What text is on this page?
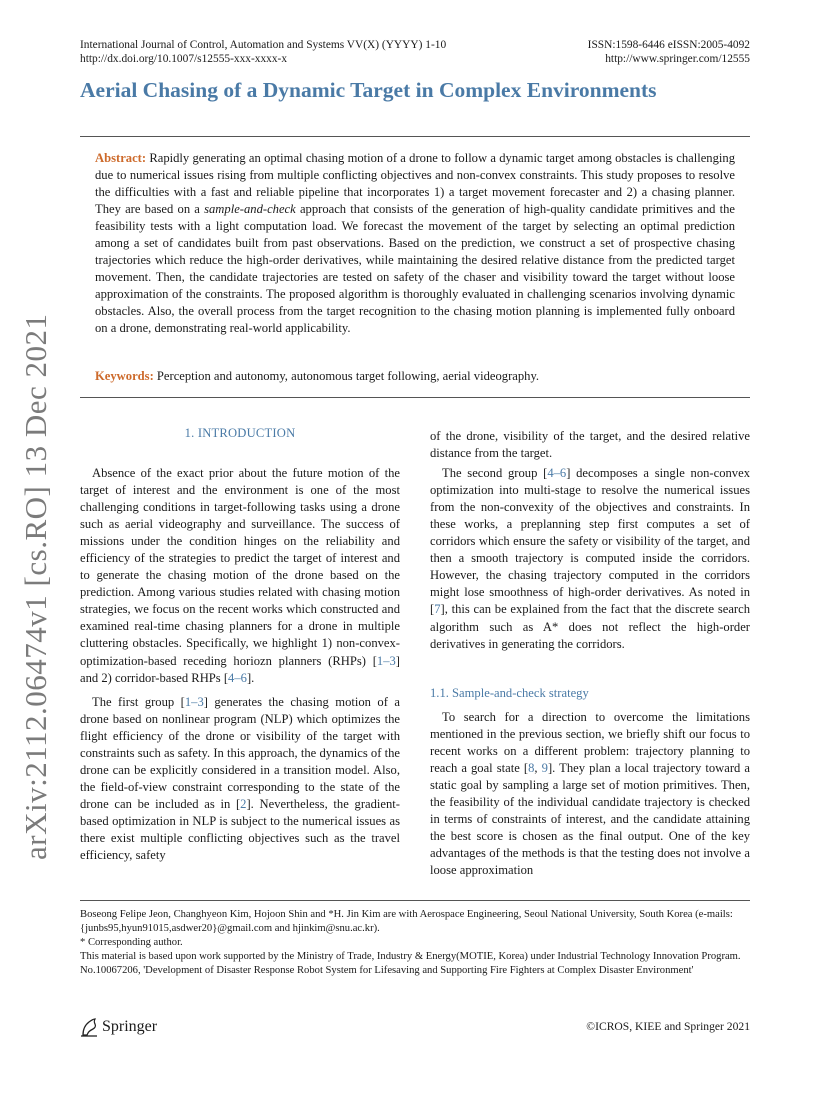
International Journal of Control, Automation and Systems VV(X) (YYYY) 1-10
http://dx.doi.org/10.1007/s12555-xxx-xxxx-x
ISSN:1598-6446 eISSN:2005-4092
http://www.springer.com/12555
Aerial Chasing of a Dynamic Target in Complex Environments
Abstract: Rapidly generating an optimal chasing motion of a drone to follow a dynamic target among obstacles is challenging due to numerical issues rising from multiple conflicting objectives and non-convex constraints. This study proposes to resolve the difficulties with a fast and reliable pipeline that incorporates 1) a target movement forecaster and 2) a chasing planner. They are based on a sample-and-check approach that consists of the generation of high-quality candidate primitives and the feasibility tests with a light computation load. We forecast the movement of the target by selecting an optimal prediction among a set of candidates built from past observations. Based on the prediction, we construct a set of prospective chasing trajectories which reduce the high-order derivatives, while maintaining the desired relative distance from the predicted target movement. Then, the candidate trajectories are tested on safety of the chaser and visibility toward the target without loose approximation of the constraints. The proposed algorithm is thoroughly evaluated in challenging scenarios involving dynamic obstacles. Also, the overall process from the target recognition to the chasing motion planning is implemented fully onboard on a drone, demonstrating real-world applicability.
Keywords: Perception and autonomy, autonomous target following, aerial videography.
arXiv:2112.06474v1 [cs.RO] 13 Dec 2021	1. INTRODUCTION

Absence of the exact prior about the future motion of the target of interest and the environment is one of the most challenging conditions in target-following tasks using a drone such as aerial videography and surveillance. The success of missions under the condition hinges on the reliability and efficiency of the strategies to predict the target of interest and to generate the chasing motion of the drone based on the prediction. Among various studies related with chasing motion strategies, we focus on the recent works which constructed and examined real-time chasing planners for a drone in multiple cluttering obstacles. Specifically, we highlight 1) non-convex-optimization-based receding horiozn planners (RHPs) [1–3] and 2) corridor-based RHPs [4–6].

The first group [1–3] generates the chasing motion of a drone based on nonlinear program (NLP) which optimizes the flight efficiency of the drone or visibility of the target with constraints such as safety. In this approach, the dynamics of the drone can be explicitly considered in a transition model. Also, the field-of-view constraint corresponding to the state of the drone can be included as in [2]. Nevertheless, the gradient-based optimization in NLP is subject to the numerical issues as there exist multiple conflicting objectives such as the travel efficiency, safety

of the drone, visibility of the target, and the desired relative distance from the target.

The second group [4–6] decomposes a single non-convex optimization into multi-stage to resolve the numerical issues from the non-convexity of the objectives and constraints. In these works, a preplanning step first computes a set of corridors which ensure the safety or visibility of the target, and then a smooth trajectory is computed inside the corridors. However, the chasing trajectory computed in the corridors might lose smoothness of high-order derivatives. As noted in [7], this can be explained from the fact that the discrete search algorithm such as A* does not reflect the high-order derivatives in generating the corridors.

1.1. Sample-and-check strategy

To search for a direction to overcome the limitations mentioned in the previous section, we briefly shift our focus to recent works on a different problem: trajectory planning to reach a goal state [8, 9]. They plan a local trajectory toward a static goal by sampling a large set of motion primitives. Then, the feasibility of the individual candidate trajectory is checked in terms of constraints of interest, and the candidate attaining the best score is chosen as the final output. One of the key advantages of the methods is that the testing does not involve a loose approximation

Boseong Felipe Jeon, Changhyeon Kim, Hojoon Shin and *H. Jin Kim are with Aerospace Engineering, Seoul National University, South Korea (e-mails: {junbs95,hyun91015,asdwer20}@gmail.com and hjinkim@snu.ac.kr).

* Corresponding author.

This material is based upon work supported by the Ministry of Trade, Industry & Energy(MOTIE, Korea) under Industrial Technology Innovation Program. No.10067206, 'Development of Disaster Response Robot System for Lifesaving and Supporting Fire Fighters at Complex Disaster Environment'

Springer	©ICROS, KIEE and Springer 2021
